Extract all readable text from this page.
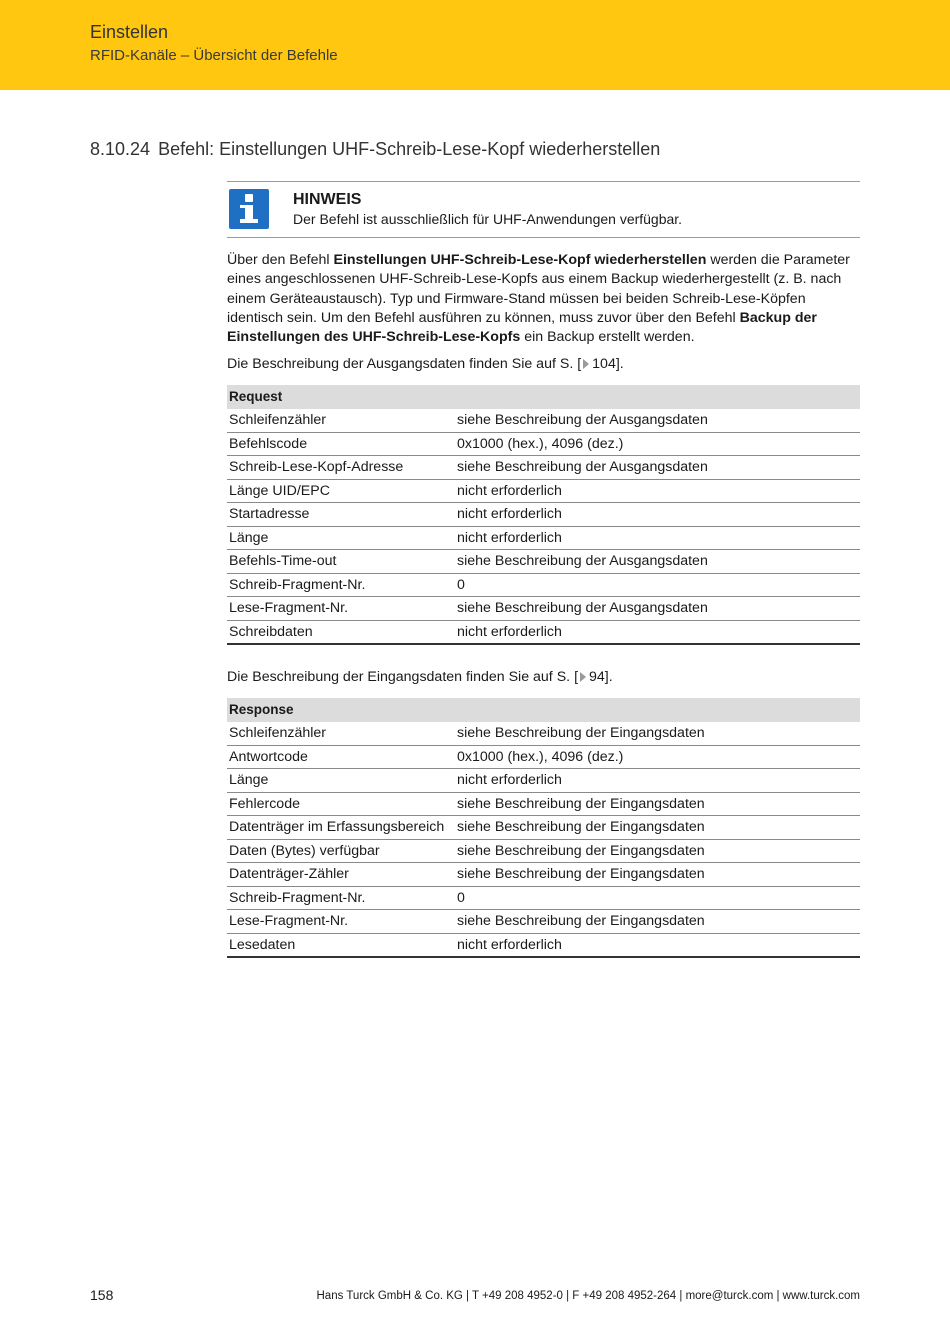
Einstellen
RFID-Kanäle – Übersicht der Befehle
8.10.24 Befehl: Einstellungen UHF-Schreib-Lese-Kopf wiederherstellen
HINWEIS
Der Befehl ist ausschließlich für UHF-Anwendungen verfügbar.
Über den Befehl Einstellungen UHF-Schreib-Lese-Kopf wiederherstellen werden die Parameter eines angeschlossenen UHF-Schreib-Lese-Kopfs aus einem Backup wiederhergestellt (z. B. nach einem Geräteaustausch). Typ und Firmware-Stand müssen bei beiden Schreib-Lese-Köpfen identisch sein. Um den Befehl ausführen zu können, muss zuvor über den Befehl Backup der Einstellungen des UHF-Schreib-Lese-Kopfs ein Backup erstellt werden.
Die Beschreibung der Ausgangsdaten finden Sie auf S. [ 104].
Request	
Schleifenzähler	siehe Beschreibung der Ausgangsdaten
Befehlscode	0x1000 (hex.), 4096 (dez.)
Schreib-Lese-Kopf-Adresse	siehe Beschreibung der Ausgangsdaten
Länge UID/EPC	nicht erforderlich
Startadresse	nicht erforderlich
Länge	nicht erforderlich
Befehls-Time-out	siehe Beschreibung der Ausgangsdaten
Schreib-Fragment-Nr.	0
Lese-Fragment-Nr.	siehe Beschreibung der Ausgangsdaten
Schreibdaten	nicht erforderlich
Die Beschreibung der Eingangsdaten finden Sie auf S. [ 94].
Response	
Schleifenzähler	siehe Beschreibung der Eingangsdaten
Antwortcode	0x1000 (hex.), 4096 (dez.)
Länge	nicht erforderlich
Fehlercode	siehe Beschreibung der Eingangsdaten
Datenträger im Erfassungsbereich	siehe Beschreibung der Eingangsdaten
Daten (Bytes) verfügbar	siehe Beschreibung der Eingangsdaten
Datenträger-Zähler	siehe Beschreibung der Eingangsdaten
Schreib-Fragment-Nr.	0
Lese-Fragment-Nr.	siehe Beschreibung der Eingangsdaten
Lesedaten	nicht erforderlich
158	Hans Turck GmbH & Co. KG | T +49 208 4952-0 | F +49 208 4952-264 | more@turck.com | www.turck.com
